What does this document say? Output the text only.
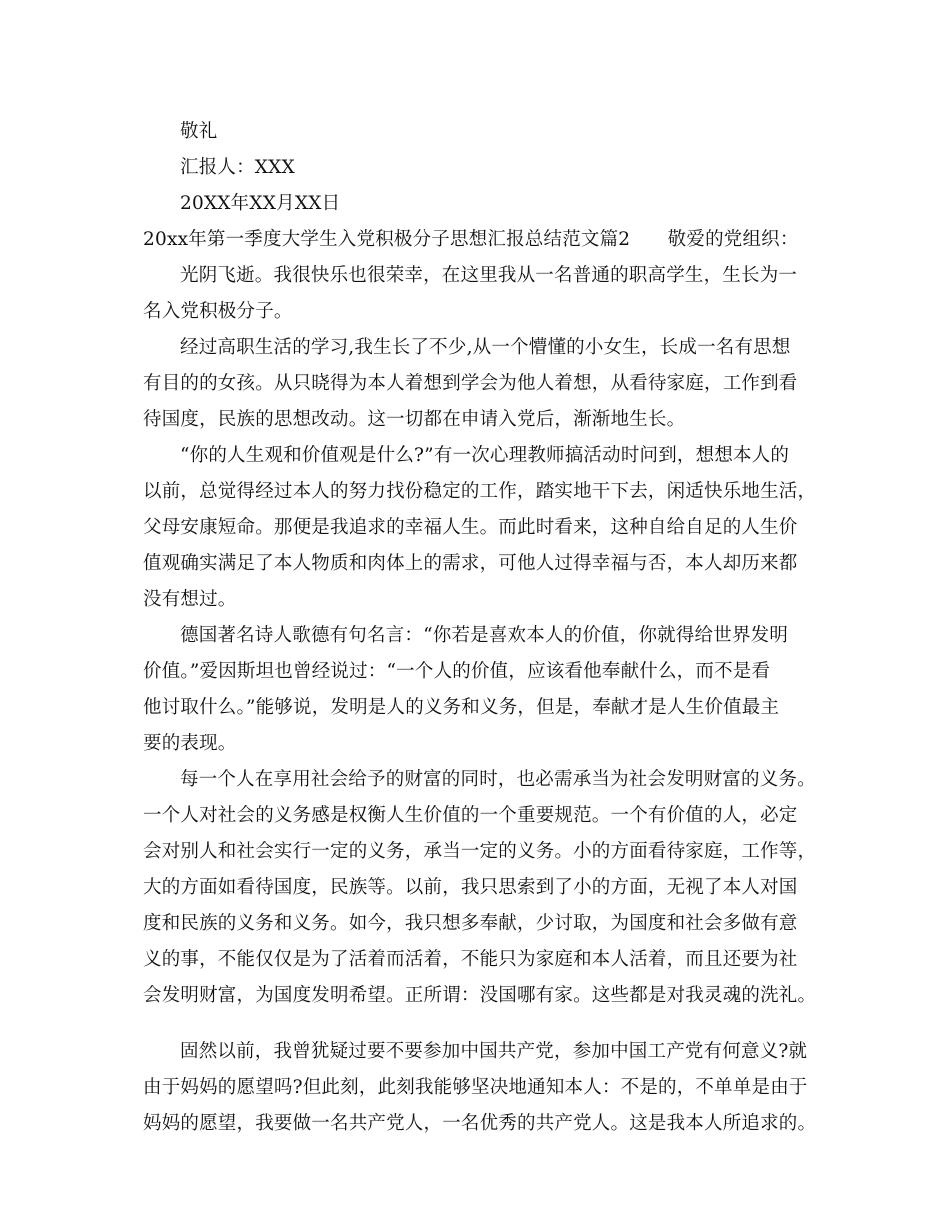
敬礼
汇报人：XXX
20XX年XX月XX日
20xx年第一季度大学生入党积极分子思想汇报总结范文篇2　　敬爱的党组织：
光阴飞逝。我很快乐也很荣幸，在这里我从一名普通的职高学生，生长为一
名入党积极分子。
经过高职生活的学习,我生长了不少,从一个懵懂的小女生，长成一名有思想
有目的的女孩。从只晓得为本人着想到学会为他人着想，从看待家庭，工作到看
待国度，民族的思想改动。这一切都在申请入党后，渐渐地生长。
“你的人生观和价值观是什么?”有一次心理教师搞活动时问到，想想本人的
以前，总觉得经过本人的努力找份稳定的工作，踏实地干下去，闲适快乐地生活，
父母安康短命。那便是我追求的幸福人生。而此时看来，这种自给自足的人生价
值观确实满足了本人物质和肉体上的需求，可他人过得幸福与否，本人却历来都
没有想过。
德国著名诗人歌德有句名言：“你若是喜欢本人的价值，你就得给世界发明
价值。”爱因斯坦也曾经说过：“一个人的价值，应该看他奉献什么，而不是看
他讨取什么。”能够说，发明是人的义务和义务，但是，奉献才是人生价值最主
要的表现。
每一个人在享用社会给予的财富的同时，也必需承当为社会发明财富的义务。
一个人对社会的义务感是权衡人生价值的一个重要规范。一个有价值的人，必定
会对别人和社会实行一定的义务，承当一定的义务。小的方面看待家庭，工作等，
大的方面如看待国度，民族等。以前，我只思索到了小的方面，无视了本人对国
度和民族的义务和义务。如今，我只想多奉献，少讨取，为国度和社会多做有意
义的事，不能仅仅是为了活着而活着，不能只为家庭和本人活着，而且还要为社
会发明财富，为国度发明希望。正所谓：没国哪有家。这些都是对我灵魂的洗礼。
固然以前，我曾犹疑过要不要参加中国共产党，参加中国工产党有何意义?就
由于妈妈的愿望吗?但此刻，此刻我能够坚决地通知本人：不是的，不单单是由于
妈妈的愿望，我要做一名共产党人，一名优秀的共产党人。这是我本人所追求的。
